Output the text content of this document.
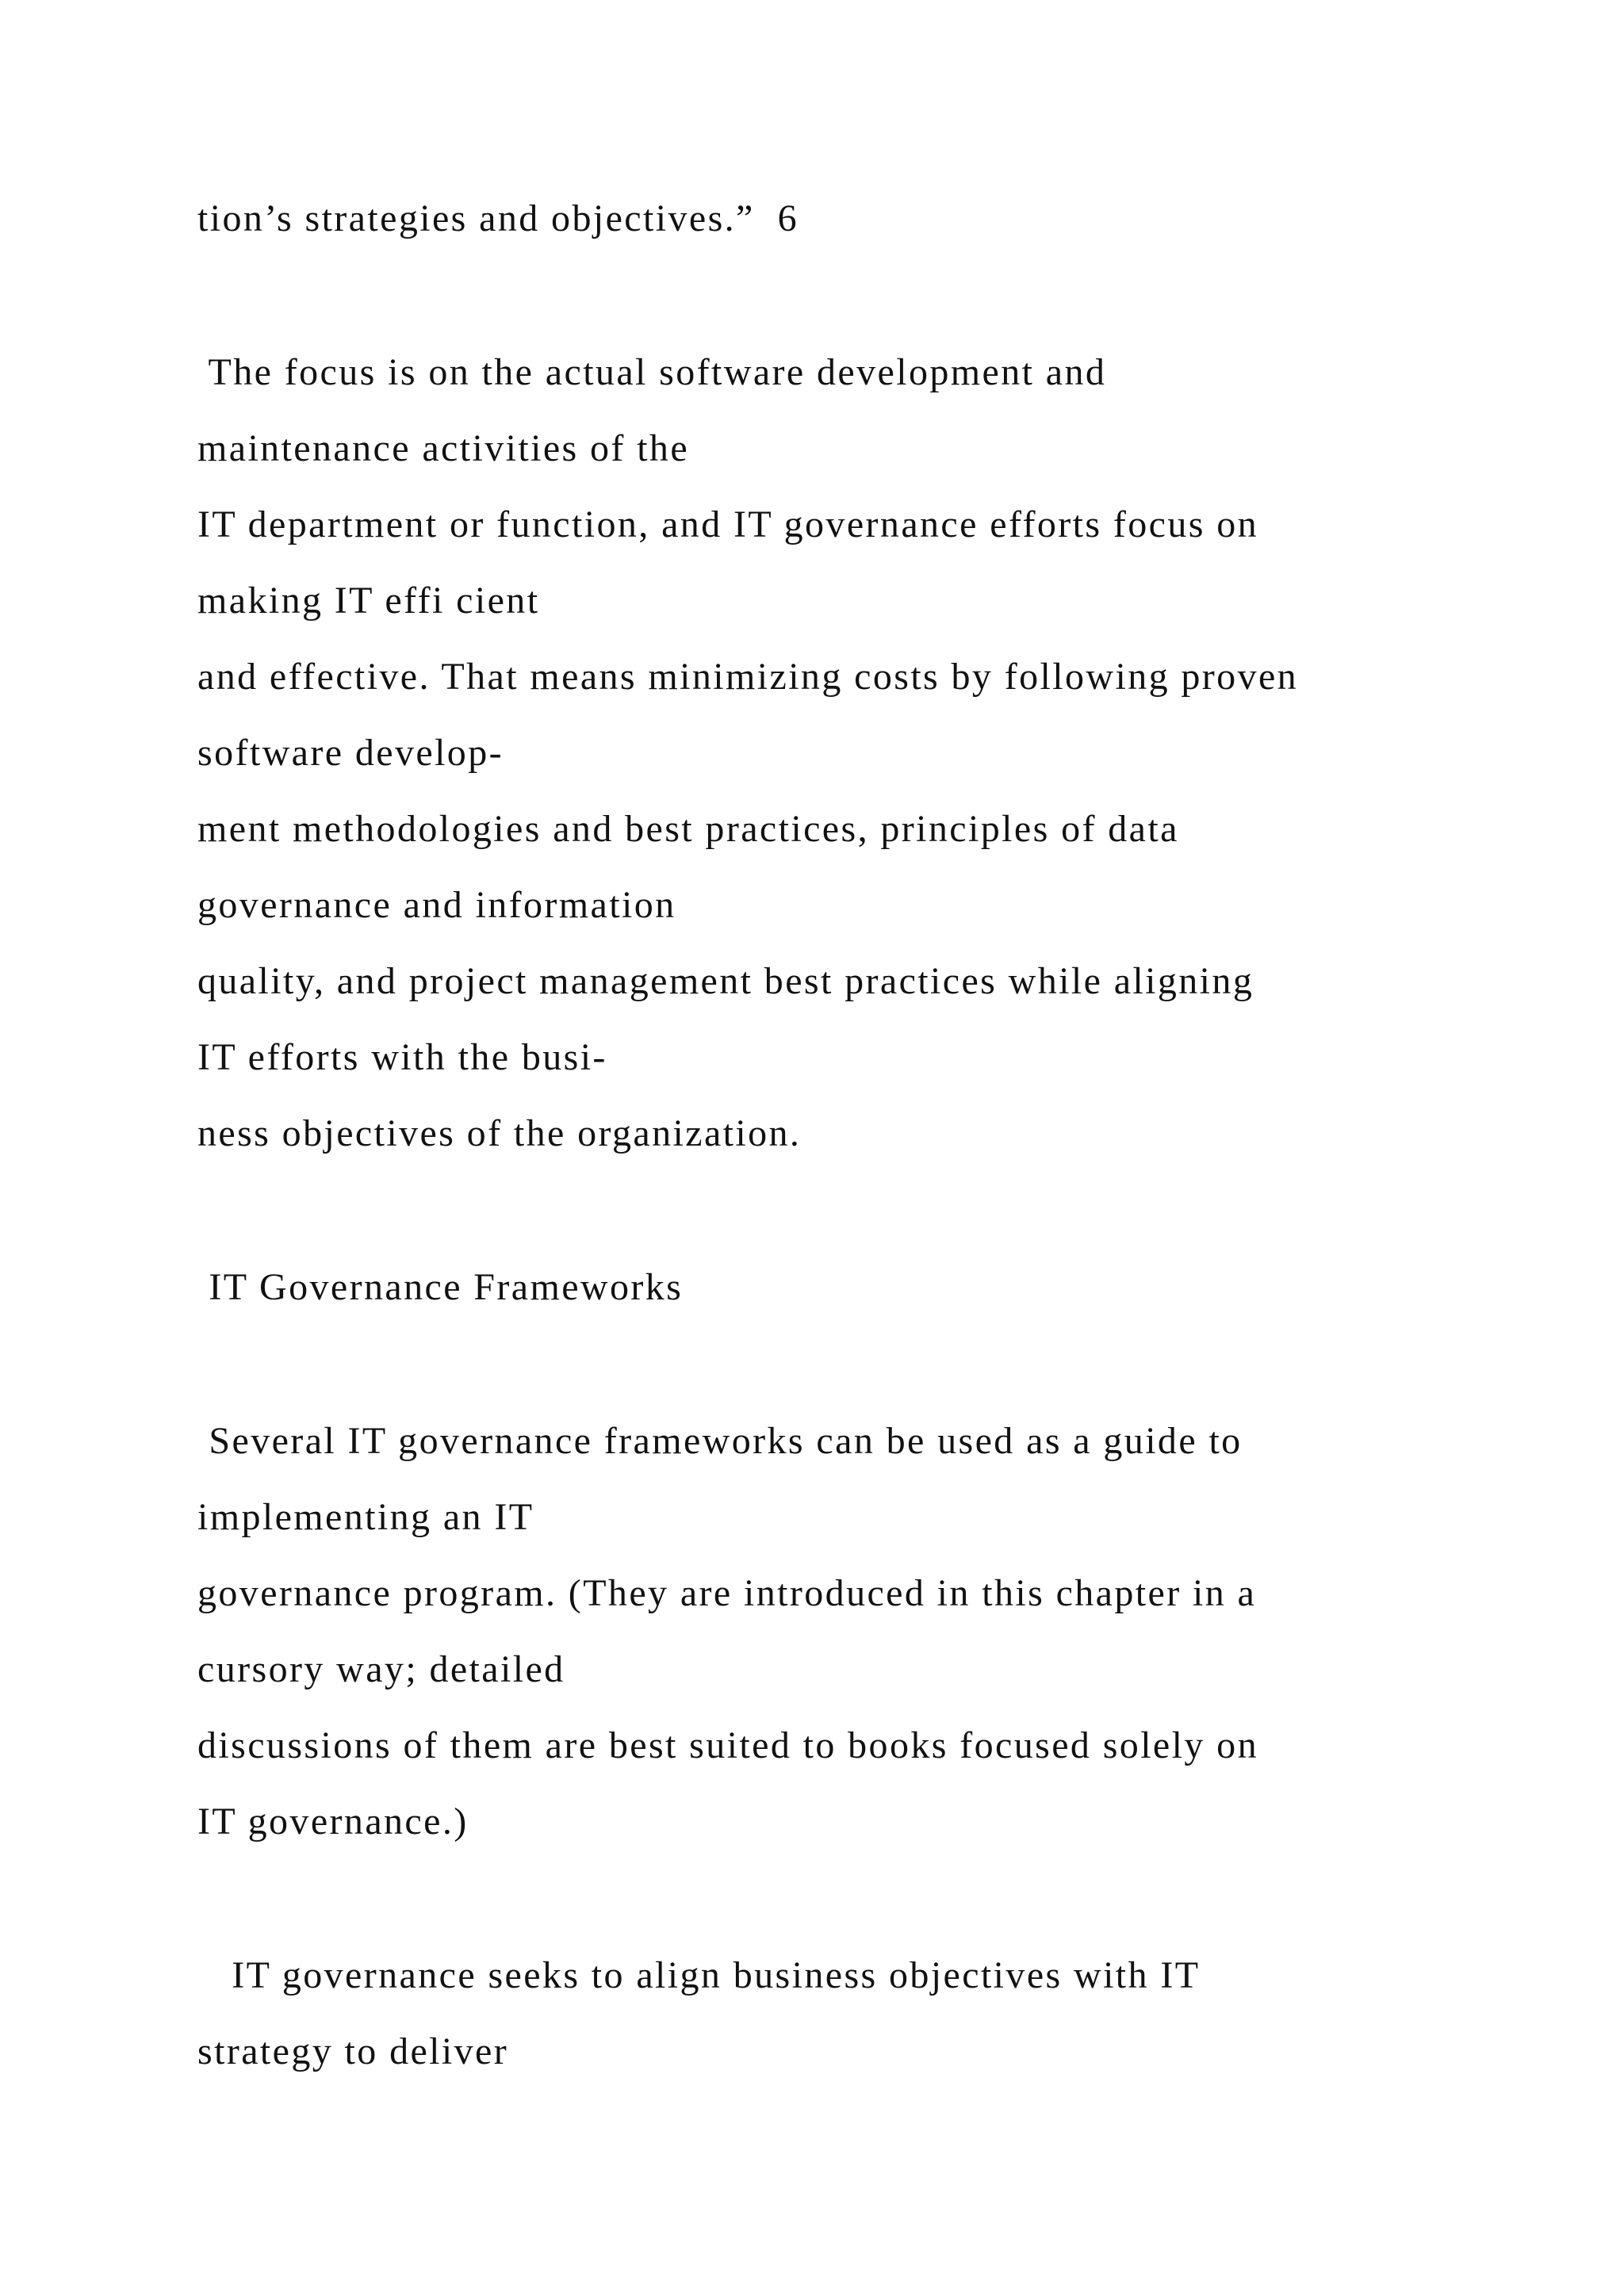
tion’s strategies and objectives.”  6
The focus is on the actual software development and
maintenance activities of the
IT department or function, and IT governance efforts focus on
making IT effi cient
and effective. That means minimizing costs by following proven
software develop-
ment methodologies and best practices, principles of data
governance and information
quality, and project management best practices while aligning
IT efforts with the busi-
ness objectives of the organization.
IT Governance Frameworks
Several IT governance frameworks can be used as a guide to
implementing an IT
governance program. (They are introduced in this chapter in a
cursory way; detailed
discussions of them are best suited to books focused solely on
IT governance.)
IT governance seeks to align business objectives with IT
strategy to deliver
